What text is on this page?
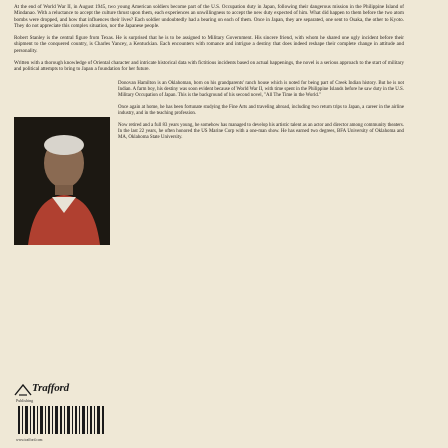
At the end of World War II, in August 1945, two young American soldiers become part of the U.S. Occupation duty in Japan, following their dangerous mission in the Philippine Island of Mindanao. With a reluctance to accept the culture thrust upon them, each experiences an unwillingness to accept the new duty expected of him. What did happen to them before the two atom bombs were dropped, and how that influences their lives? Each soldier undoubtedly had a bearing on each of them. Once in Japan, they are separated, one sent to Osaka, the other to Kyoto. They do not appreciate this complex situation, nor the Japanese people.

Robert Stanley is the central figure from Texas. He is surprised that he is to be assigned to Military Government. His sincere friend, with whom he shared one ugly incident before their shipment to the conquered country, is Charles Yancey, a Kentuckian. Each encounters with romance and intrigue a destiny that does indeed reshape their complete change in attitude and personality.

Written with a thorough knowledge of Oriental character and intricate historical data with fictitious incidents based on actual happenings, the novel is a serious approach to the start of military and political attempts to bring to Japan a foundation for her future.

Donovan Hamilton is an Oklahoman, born on his grandparents' ranch house which is noted for being part of Creek Indian history. But he is not Indian. A farm boy, his destiny was soon evident because of World War II, with time spent in the Philippine Islands before he saw duty in the U.S. Military Occupation of Japan. This is the background of his second novel, "All The Time in the World."

Once again at home, he has been fortunate studying the Fine Arts and traveling abroad, including two return trips to Japan, a career in the airline industry, and in the teaching profession.

Now retired and a full 83 years young, he somehow has managed to develop his artistic talent as an actor and director among community theaters. In the last 22 years, he often honored the US Marine Corp with a one-man show. He has earned two degrees, BFA University of Oklahoma and MA, Oklahoma State University.

Trafford
Publishing
www.trafford.com
